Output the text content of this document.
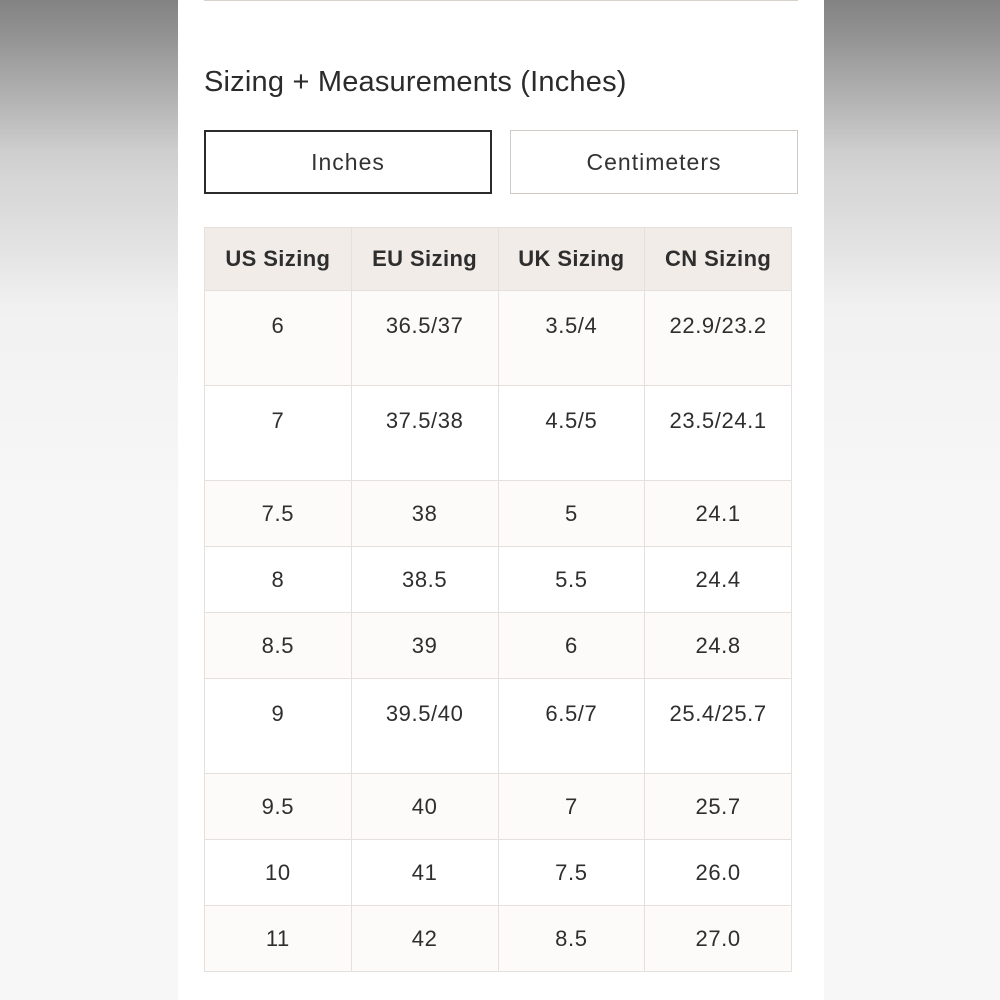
Sizing + Measurements (Inches)
Inches	Centimeters
US Sizing	EU Sizing	UK Sizing	CN Sizing
6	36.5/37	3.5/4	22.9/23.2
7	37.5/38	4.5/5	23.5/24.1
7.5	38	5	24.1
8	38.5	5.5	24.4
8.5	39	6	24.8
9	39.5/40	6.5/7	25.4/25.7
9.5	40	7	25.7
10	41	7.5	26.0
11	42	8.5	27.0
